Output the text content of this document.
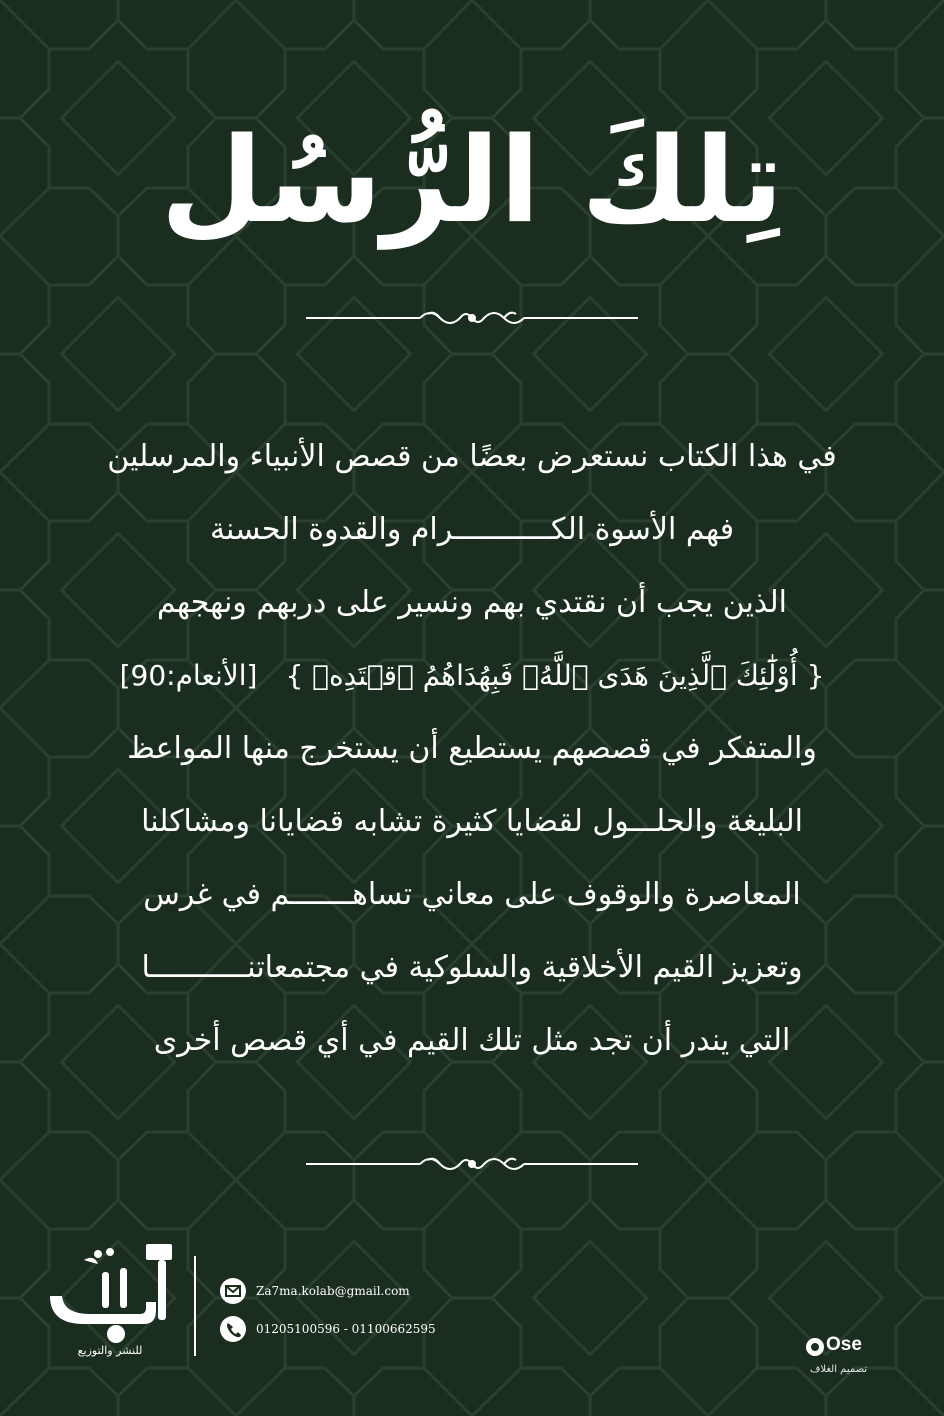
تِلكَ الرُّسُل
في هذا الكتاب نستعرض بعضًا من قصص الأنبياء والمرسلين
فهم الأسوة الكـــــــــــرام والقدوة الحسنة
الذين يجب أن نقتدي بهم ونسير على دربهم ونهجهم
{ أُوْلَٰٓئِكَ ٱلَّذِينَ هَدَى ٱللَّهُۖ فَبِهُدَاهُمُ ٱقۡتَدِهۡ }[الأنعام:90]
والمتفكر في قصصهم يستطيع أن يستخرج منها المواعظ
البليغة والحلـــول لقضايا كثيرة تشابه قضايانا ومشاكلنا
المعاصرة والوقوف على معاني تساهـــــــم في غرس
وتعزيز القيم الأخلاقية والسلوكية في مجتمعاتنـــــــــــا
التي يندر أن تجد مثل تلك القيم في أي قصص أخرى
للنشر والتوزيع
Za7ma.kolab@gmail.com
01205100596 - 01100662595
Ose
تصميم الغلاف
